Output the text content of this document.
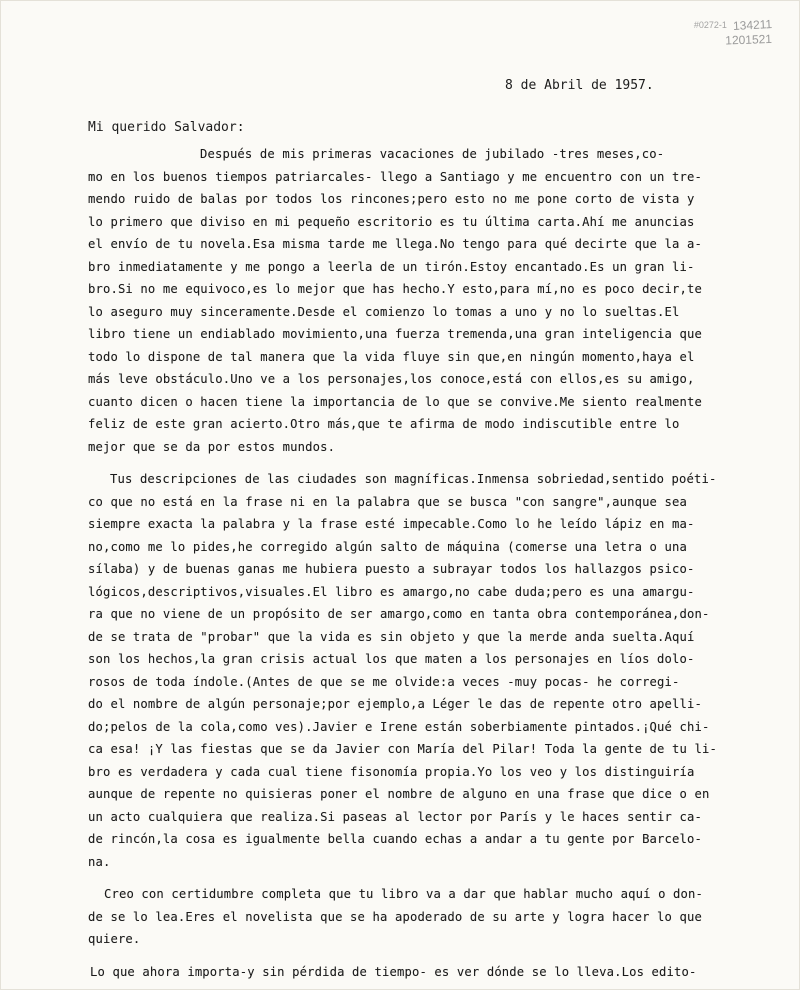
#0272-1 134211
1201521
8 de Abril de 1957.
Mi querido Salvador:
Después de mis primeras vacaciones de jubilado -tres meses,co-
mo en los buenos tiempos patriarcales- llego a Santiago y me encuentro con un tre-
mendo ruido de balas por todos los rincones;pero esto no me pone corto de vista y
lo primero que diviso en mi pequeño escritorio es tu última carta.Ahí me anuncias
el envío de tu novela.Esa misma tarde me llega.No tengo para qué decirte que la a-
bro inmediatamente y me pongo a leerla de un tirón.Estoy encantado.Es un gran li-
bro.Si no me equivoco,es lo mejor que has hecho.Y esto,para mí,no es poco decir,te
lo aseguro muy sinceramente.Desde el comienzo lo tomas a uno y no lo sueltas.El
libro tiene un endiablado movimiento,una fuerza tremenda,una gran inteligencia que
todo lo dispone de tal manera que la vida fluye sin que,en ningún momento,haya el
más leve obstáculo.Uno ve a los personajes,los conoce,está con ellos,es su amigo,
cuanto dicen o hacen tiene la importancia de lo que se convive.Me siento realmente
feliz de este gran acierto.Otro más,que te afirma de modo indiscutible entre lo
mejor que se da por estos mundos.
Tus descripciones de las ciudades son magníficas.Inmensa sobriedad,sentido poéti-
co que no está en la frase ni en la palabra que se busca "con sangre",aunque sea
siempre exacta la palabra y la frase esté impecable.Como lo he leído lápiz en ma-
no,como me lo pides,he corregido algún salto de máquina (comerse una letra o una
sílaba) y de buenas ganas me hubiera puesto a subrayar todos los hallazgos psico-
lógicos,descriptivos,visuales.El libro es amargo,no cabe duda;pero es una amargu-
ra que no viene de un propósito de ser amargo,como en tanta obra contemporánea,don-
de se trata de "probar" que la vida es sin objeto y que la merde anda suelta.Aquí
son los hechos,la gran crisis actual los que maten a los personajes en líos dolo-
rosos de toda índole.(Antes de que se me olvide:a veces -muy pocas- he corregi-
do el nombre de algún personaje;por ejemplo,a Léger le das de repente otro apelli-
do;pelos de la cola,como ves).Javier e Irene están soberbiamente pintados.¡Qué chi-
ca esa! ¡Y las fiestas que se da Javier con María del Pilar! Toda la gente de tu li-
bro es verdadera y cada cual tiene fisonomía propia.Yo los veo y los distinguiría
aunque de repente no quisieras poner el nombre de alguno en una frase que dice o en
un acto cualquiera que realiza.Si paseas al lector por París y le haces sentir ca-
de rincón,la cosa es igualmente bella cuando echas a andar a tu gente por Barcelo-
na.
Creo con certidumbre completa que tu libro va a dar que hablar mucho aquí o don-
de se lo lea.Eres el novelista que se ha apoderado de su arte y logra hacer lo que
quiere.
Lo que ahora importa-y sin pérdida de tiempo- es ver dónde se lo lleva.Los edito-
